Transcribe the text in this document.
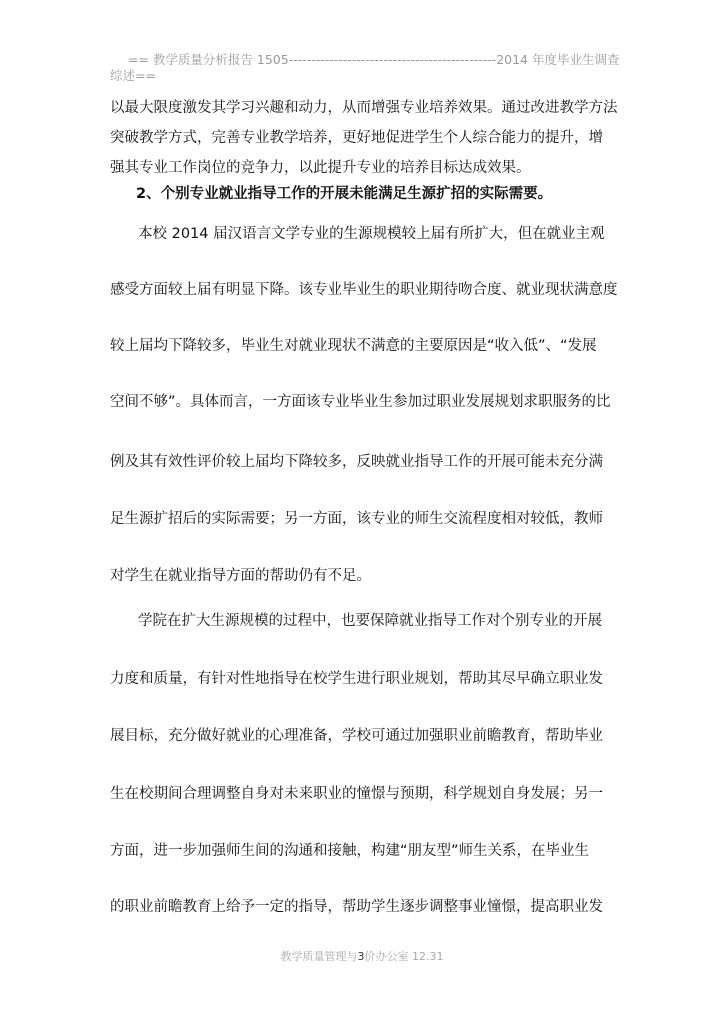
== 教学质量分析报告 1505----------------------------------------------2014 年度毕业生调查综述==
以最大限度激发其学习兴趣和动力，从而增强专业培养效果。通过改进教学方法
突破教学方式，完善专业教学培养，更好地促进学生个人综合能力的提升，增
强其专业工作岗位的竞争力，以此提升专业的培养目标达成效果。
2、个别专业就业指导工作的开展未能满足生源扩招的实际需要。
本校 2014 届汉语言文学专业的生源规模较上届有所扩大，但在就业主观
感受方面较上届有明显下降。该专业毕业生的职业期待吻合度、就业现状满意度
较上届均下降较多，毕业生对就业现状不满意的主要原因是“收入低”、“发展
空间不够”。具体而言，一方面该专业毕业生参加过职业发展规划求职服务的比
例及其有效性评价较上届均下降较多，反映就业指导工作的开展可能未充分满
足生源扩招后的实际需要；另一方面，该专业的师生交流程度相对较低，教师
对学生在就业指导方面的帮助仍有不足。
学院在扩大生源规模的过程中，也要保障就业指导工作对个别专业的开展
力度和质量，有针对性地指导在校学生进行职业规划，帮助其尽早确立职业发
展目标，充分做好就业的心理准备，学校可通过加强职业前瞻教育，帮助毕业
生在校期间合理调整自身对未来职业的憧憬与预期，科学规划自身发展；另一
方面，进一步加强师生间的沟通和接触，构建“朋友型”师生关系，在毕业生
的职业前瞻教育上给予一定的指导，帮助学生逐步调整事业憧憬，提高职业发
教学质量管理与3价办公室 12.31
